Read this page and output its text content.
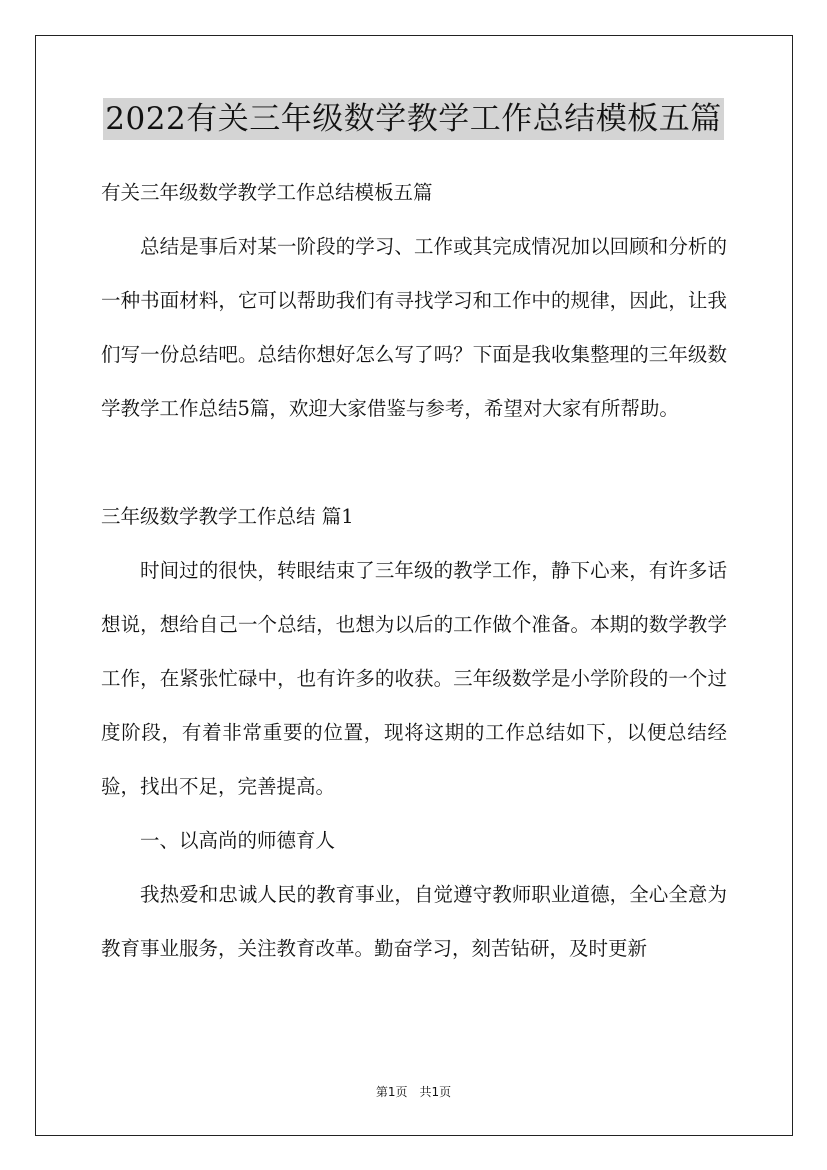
2022有关三年级数学教学工作总结模板五篇

有关三年级数学教学工作总结模板五篇

总结是事后对某一阶段的学习、工作或其完成情况加以回顾和分析的一种书面材料，它可以帮助我们有寻找学习和工作中的规律，因此，让我们写一份总结吧。总结你想好怎么写了吗？下面是我收集整理的三年级数学教学工作总结5篇，欢迎大家借鉴与参考，希望对大家有所帮助。

三年级数学教学工作总结 篇1

时间过的很快，转眼结束了三年级的教学工作，静下心来，有许多话想说，想给自己一个总结，也想为以后的工作做个准备。本期的数学教学工作，在紧张忙碌中，也有许多的收获。三年级数学是小学阶段的一个过度阶段，有着非常重要的位置，现将这期的工作总结如下，以便总结经验，找出不足，完善提高。

一、以高尚的师德育人

我热爱和忠诚人民的教育事业，自觉遵守教师职业道德，全心全意为教育事业服务，关注教育改革。勤奋学习，刻苦钻研，及时更新

第1页　共1页
